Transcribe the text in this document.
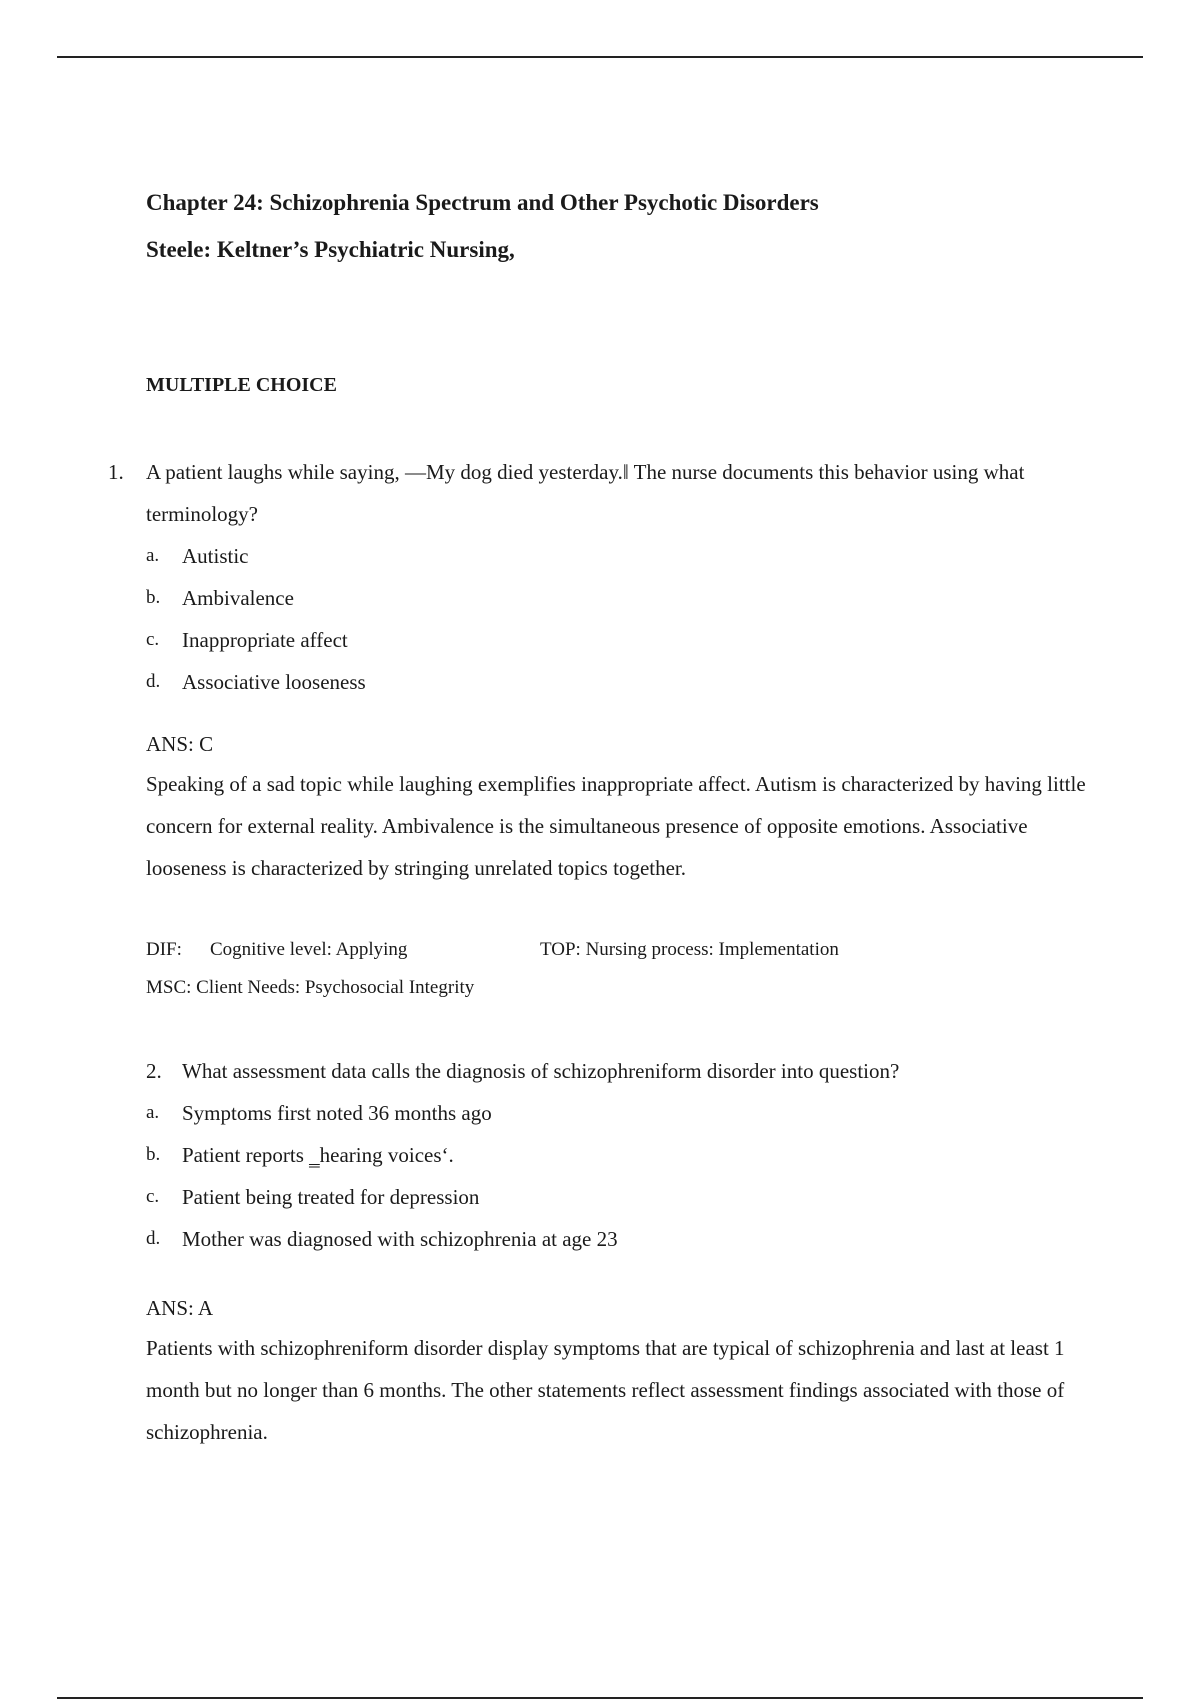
Chapter 24: Schizophrenia Spectrum and Other Psychotic Disorders

Steele: Keltner’s Psychiatric Nursing,

MULTIPLE CHOICE

1.	A patient laughs while saying, ―My dog died yesterday.‖ The nurse documents this behavior using what terminology?
a.	Autistic
b.	Ambivalence
c.	Inappropriate affect
d.	Associative looseness
ANS: C
Speaking of a sad topic while laughing exemplifies inappropriate affect. Autism is characterized by having little concern for external reality. Ambivalence is the simultaneous presence of opposite emotions. Associative looseness is characterized by stringing unrelated topics together.
DIF:	Cognitive level: Applying	TOP: Nursing process: Implementation
MSC: Client Needs: Psychosocial Integrity
2. What assessment data calls the diagnosis of schizophreniform disorder into question?
a.	Symptoms first noted 36 months ago
b.	Patient reports ‗hearing voices‘.
c.	Patient being treated for depression
d.	Mother was diagnosed with schizophrenia at age 23
ANS: A
Patients with schizophreniform disorder display symptoms that are typical of schizophrenia and last at least 1 month but no longer than 6 months. The other statements reflect assessment findings associated with those of schizophrenia.
